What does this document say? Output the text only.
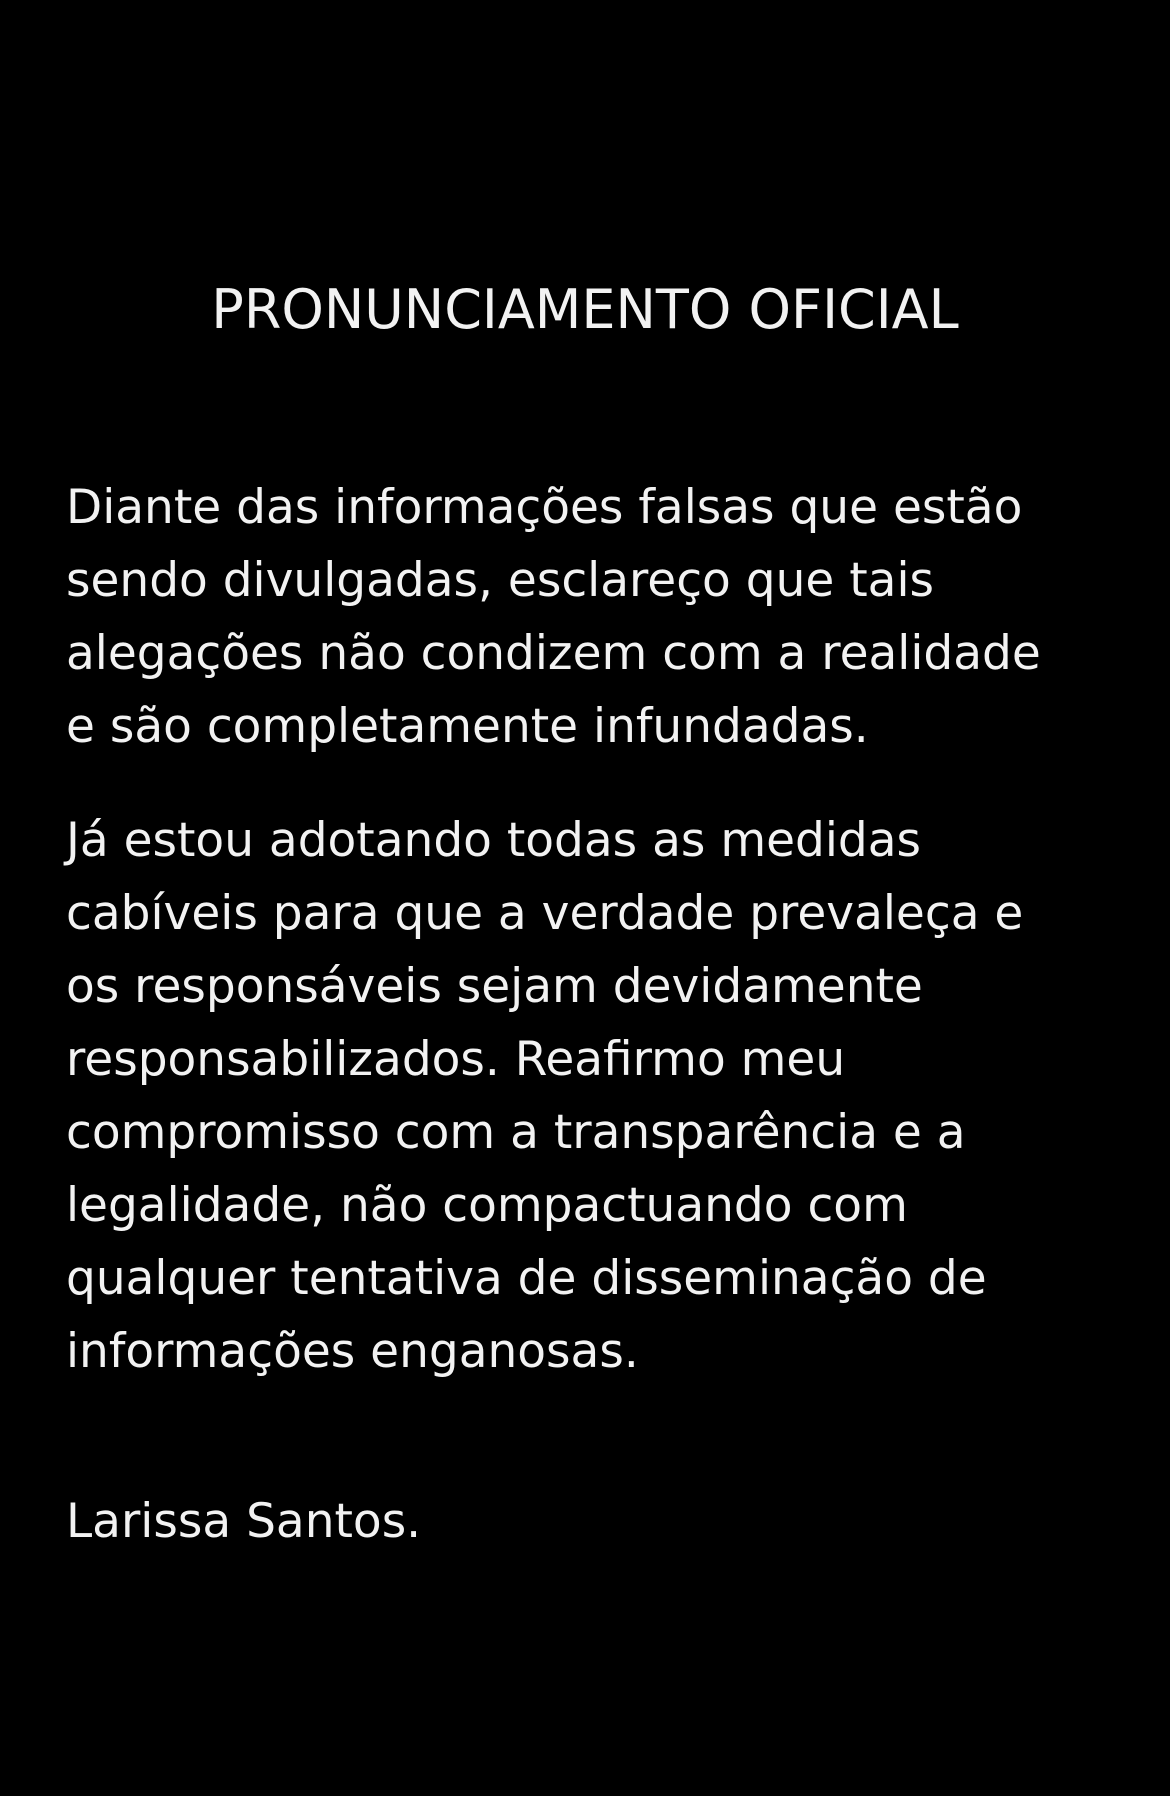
PRONUNCIAMENTO OFICIAL
Diante das informações falsas que estão
sendo divulgadas, esclareço que tais
alegações não condizem com a realidade
e são completamente infundadas.
Já estou adotando todas as medidas
cabíveis para que a verdade prevaleça e
os responsáveis sejam devidamente
responsabilizados. Reafirmo meu
compromisso com a transparência e a
legalidade, não compactuando com
qualquer tentativa de disseminação de
informações enganosas.
Larissa Santos.
